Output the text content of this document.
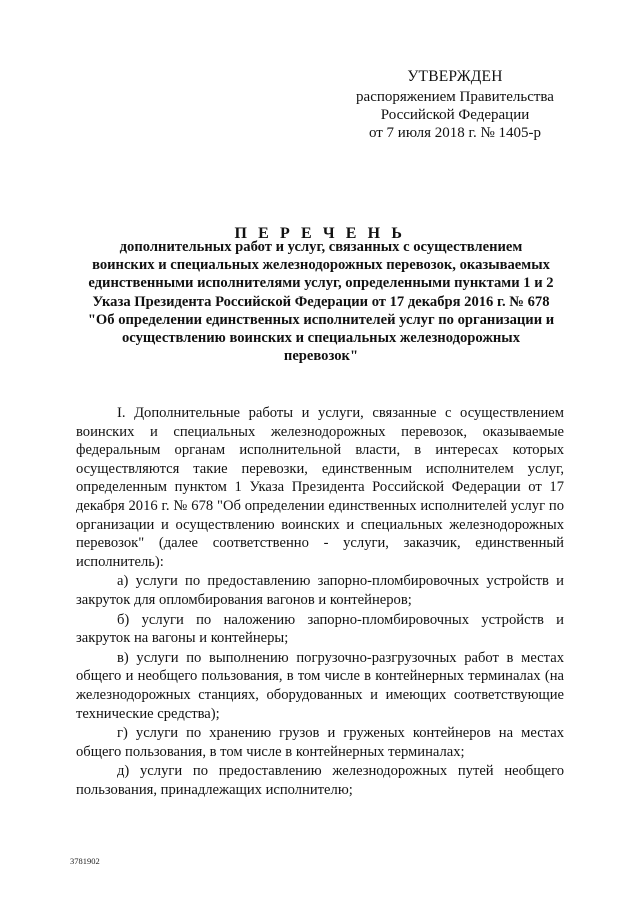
УТВЕРЖДЕН
распоряжением Правительства
Российской Федерации
от 7 июля 2018 г. № 1405-р
П Е Р Е Ч Е Н Ь
дополнительных работ и услуг, связанных с осуществлением
воинских и специальных железнодорожных перевозок, оказываемых
единственными исполнителями услуг, определенными пунктами 1 и 2
Указа Президента Российской Федерации от 17 декабря 2016 г. № 678
"Об определении единственных исполнителей услуг по организации и
осуществлению воинских и специальных железнодорожных
перевозок"

I. Дополнительные работы и услуги, связанные с осуществлением воинских и специальных железнодорожных перевозок, оказываемые федеральным органам исполнительной власти, в интересах которых осуществляются такие перевозки, единственным исполнителем услуг, определенным пунктом 1 Указа Президента Российской Федерации от 17 декабря 2016 г. № 678 "Об определении единственных исполнителей услуг по организации и осуществлению воинских и специальных железнодорожных перевозок" (далее соответственно - услуги, заказчик, единственный исполнитель):

а) услуги по предоставлению запорно-пломбировочных устройств и закруток для опломбирования вагонов и контейнеров;

б) услуги по наложению запорно-пломбировочных устройств и закруток на вагоны и контейнеры;

в) услуги по выполнению погрузочно-разгрузочных работ в местах общего и необщего пользования, в том числе в контейнерных терминалах (на железнодорожных станциях, оборудованных и имеющих соответствующие технические средства);

г) услуги по хранению грузов и груженых контейнеров на местах общего пользования, в том числе в контейнерных терминалах;

д) услуги по предоставлению железнодорожных путей необщего пользования, принадлежащих исполнителю;

3781902
